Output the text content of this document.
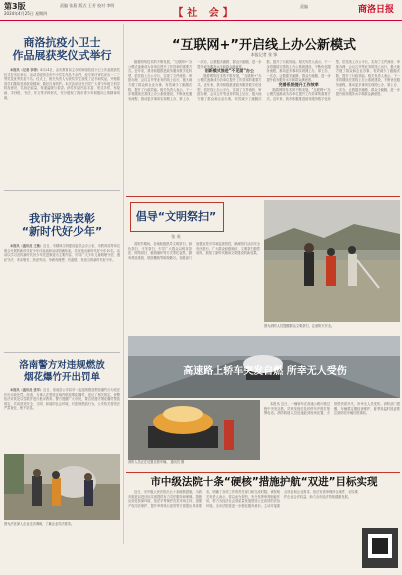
第3版	责编 张燕 版式 王芳 校对 李明
2024年4月25日 星期四	【社 会】
责编	商洛日报
商洛抗疫小卫士
作品展获奖仪式举行

本报讯（记者 李涛）4月24日，由市教育局主办的商洛抗疫小卫士作品展获奖仪式在市区举行。活动共收到全市中小学生作品千余件，经专家评审共评出一二三等奖及优秀奖若干名。仪式上，相关负责人为获奖学生颁发了证书和奖品，并勉励同学们继续发扬抗疫精神，做好自身防护。本次活动旨在引导广大青少年树立科学防疫意识，弘扬正能量，传递温暖与希望。获奖作品内容丰富、形式多样，有绘画、手抄报、书法、作文等多种形式，充分展现了我市青少年积极向上的精神风貌。

我市评选表彰
“新时代好少年”

本报讯（通讯员 王敏）近日，市精神文明建设委员会办公室、市教育局等单位联合开展的新时代好少年评选表彰活动圆满结束，共评选出新时代好少年10名。活动以学习宣传新时代好少年先进事迹为主要内容，引导广大少年儿童明理守信、遵纪守法、孝亲敬长、热爱劳动，争做有理想、有道德、有担当的新时代好少年。

洛南警方对违规燃放
烟花爆竹开出罚单

本报讯（通讯员 张军）近日，洛南县公安局对一起违规燃放烟花爆竹行为依法作出行政处罚。经查，当事人在禁放区域内燃放烟花爆竹，违反了相关规定，民警依法对其处以罚款并进行批评教育。警方提醒广大市民，要自觉遵守烟花爆竹禁放规定，共同营造安全、文明、和谐的社会环境，对违规燃放行为，公安机关将依法严肃查处，绝不姑息。

图为法官深入企业走访调研，了解企业司法需求。
“互联网+”开启线上办公新模式
本报记者 张 锋

随着网络技术的不断发展，“互联网+”办公模式逐渐成为各单位提升工作效率的重要方式。近年来，我市积极推进政务服务数字化转型，依托线上办公平台，实现了文件流转、审批办理、会议召开等业务的线上运行，极大地方便了群众和企业办事，有效减少了跑腿次数，提升了行政效能。相关负责人表示，下一步将继续完善线上办公系统建设，不断优化服务流程，推动更多事项实现网上办、掌上办、一次办，让数据多跑路、群众少跑腿，进一步提升政务服务水平和群众满意度。

创新模式推进“不见面”办公

随着网络技术的不断发展，“互联网+”办公模式逐渐成为各单位提升工作效率的重要方式。近年来，我市积极推进政务服务数字化转型，依托线上办公平台，实现了文件流转、审批办理、会议召开等业务的线上运行，极大地方便了群众和企业办事，有效减少了跑腿次数，提升了行政效能。相关负责人表示，下一步将继续完善线上办公系统建设，不断优化服务流程，推动更多事项实现网上办、掌上办、一次办，让数据多跑路、群众少跑腿，进一步提升政务服务水平和群众满意度。

完善系统提升工作效率

随着网络技术的不断发展，“互联网+”办公模式逐渐成为各单位提升工作效率的重要方式。近年来，我市积极推进政务服务数字化转型，依托线上办公平台，实现了文件流转、审批办理、会议召开等业务的线上运行，极大地方便了群众和企业办事，有效减少了跑腿次数，提升了行政效能。相关负责人表示，下一步将继续完善线上办公系统建设，不断优化服务流程，推动更多事项实现网上办、掌上办、一次办，让数据多跑路、群众少跑腿，进一步提升政务服务水平和群众满意度。

倡导“文明祭扫”
张 英

清明节期间，各地积极倡导文明祭扫、绿色祭扫、平安祭扫，引导广大群众以鲜花祭祀、网络祭扫、植树缅怀等方式寄托哀思，摒弃焚烧纸钱、燃放鞭炮等陈规陋习。各级部门加强宣传引导和巡查管控，确保祭扫活动安全有序进行。广大群众积极响应，文明祭扫蔚然成风，展现了新时代精神文明建设的新成果。

图为消防人员提醒群众文明祭扫、注意防火安全。
高速路上轿车突发自燃 所幸无人受伤
消防人员正在处置自燃车辆。 通讯员 摄

本报讯 近日，一辆轿车在高速公路行驶过程中突发自燃，司机发现后及时停车并拨打报警电话。消防救援人员迅速赶到现场处置，火势很快被扑灭，所幸无人员受伤。消防部门提醒，车辆要定期检查维护，夏季高温时段更要注意防范车辆自燃事故。

市中级法院十条“硬核”措施护航“双进”目标实现

近日，市中级人民法院出台十条硬核措施，为我市推进双进目标实现提供有力司法服务和保障。措施从优化营商环境、依法平等保护各类市场主体、加强产权司法保护、提升审判执行质效等方面提出具体要求，明确了各项工作的责任部门和完成时限。该院相关负责人表示，将以此为契机，充分发挥审判职能作用，努力为经济社会高质量发展营造公正高效的法治环境。全市法院将进一步强化服务意识，主动对接重点项目和企业需求，依法妥善审理涉企案件，切实维护企业合法权益，助力全市经济持续健康发展。
